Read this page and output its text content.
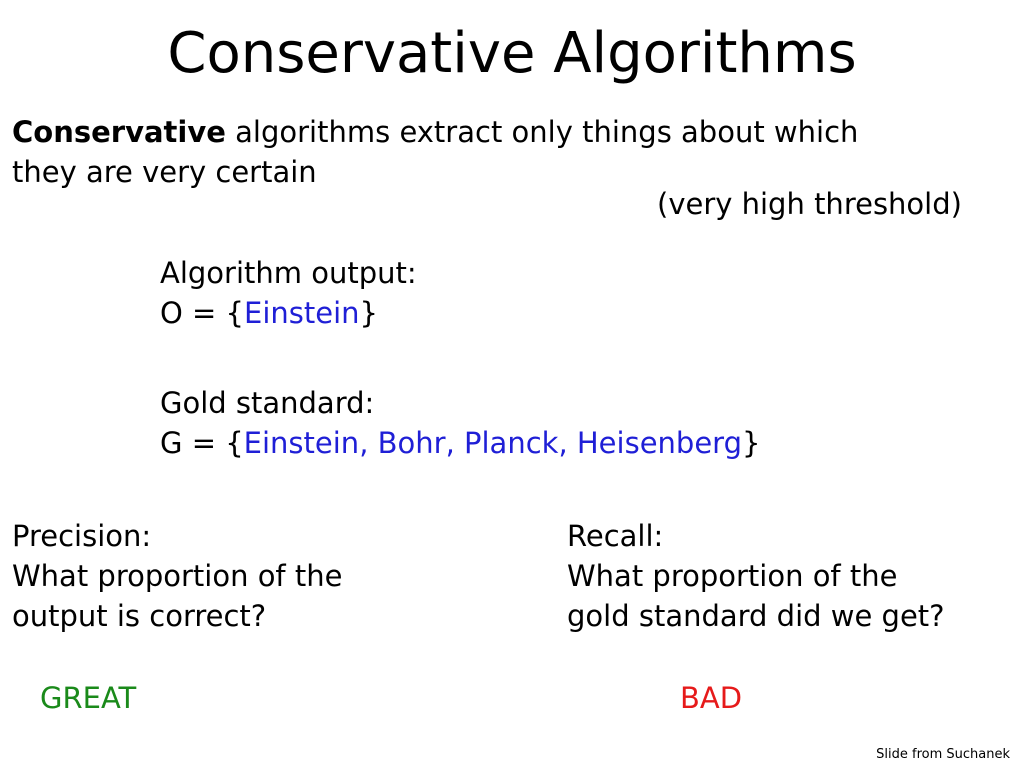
Conservative Algorithms
Conservative algorithms extract only things about which
they are very certain
(very high threshold)
Algorithm output:
O = {Einstein}
Gold standard:
G = {Einstein, Bohr, Planck, Heisenberg}
Precision:
What proportion of the
output is correct?
Recall:
What proportion of the
gold standard did we get?
GREAT	BAD
Slide from Suchanek
